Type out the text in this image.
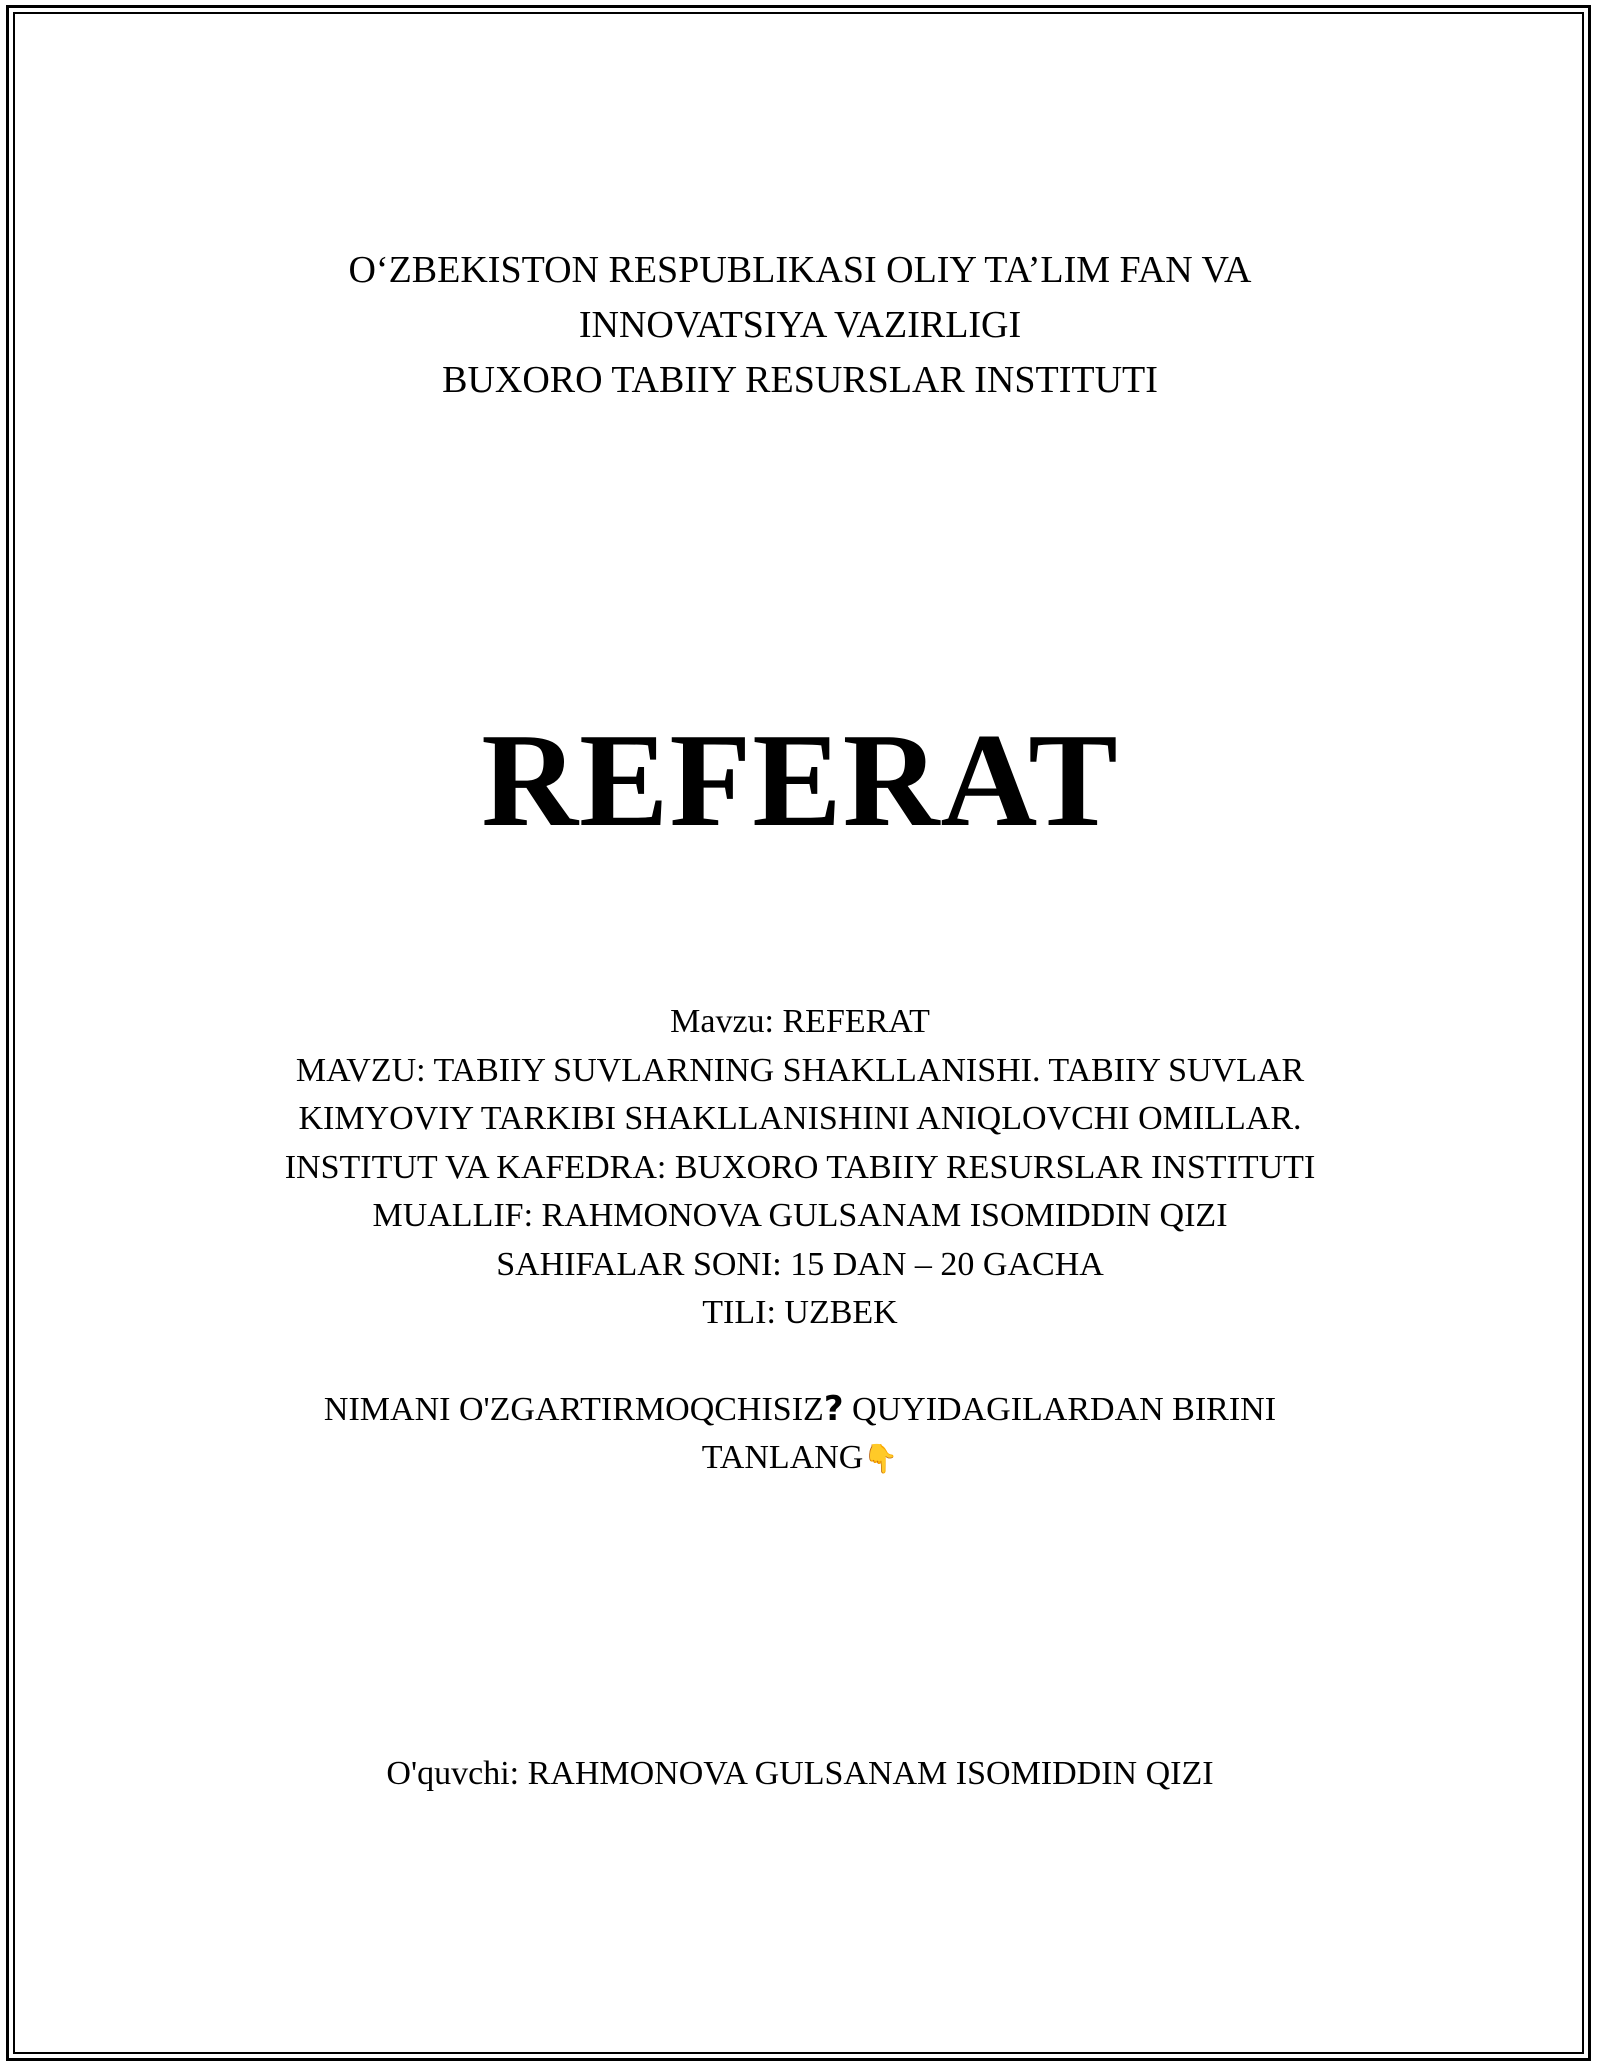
O‘ZBEKISTON RESPUBLIKASI OLIY TA’LIM FAN VA
INNOVATSIYA VAZIRLIGI
BUXORO TABIIY RESURSLAR INSTITUTI
REFERAT
Mavzu: REFERAT
MAVZU: TABIIY SUVLARNING SHAKLLANISHI. TABIIY SUVLAR
KIMYOVIY TARKIBI SHAKLLANISHINI ANIQLOVCHI OMILLAR.
INSTITUT VA KAFEDRA: BUXORO TABIIY RESURSLAR INSTITUTI
MUALLIF: RAHMONOVA GULSANAM ISOMIDDIN QIZI
SAHIFALAR SONI: 15 DAN – 20 GACHA
TILI: UZBEK
NIMANI O'ZGARTIRMOQCHISIZ? QUYIDAGILARDAN BIRINI
TANLANG👇
O'quvchi: RAHMONOVA GULSANAM ISOMIDDIN QIZI
